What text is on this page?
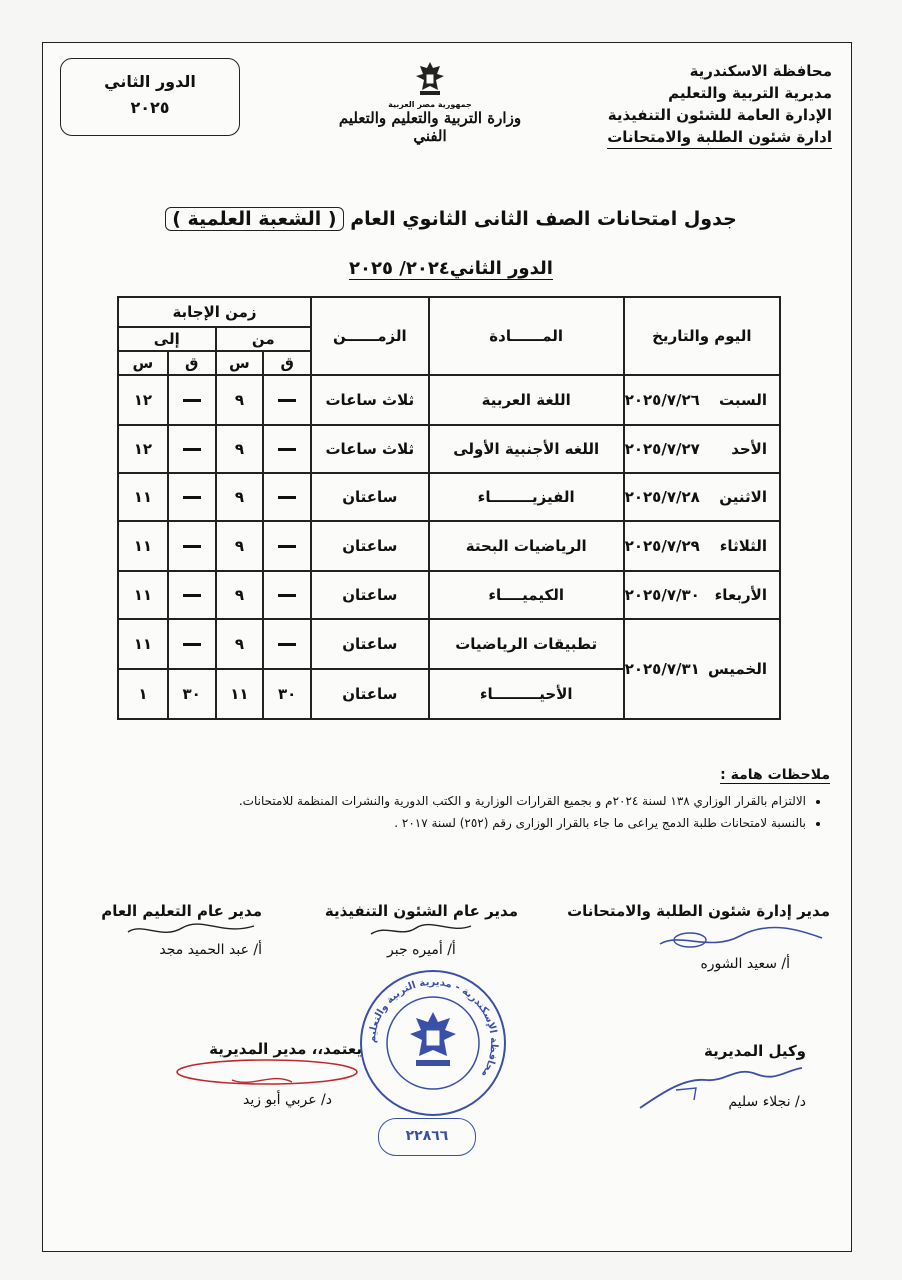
محافظة الاسكندرية
مديرية التربية والتعليم
الإدارة العامة للشئون التنفيذية
ادارة شئون الطلبة والامتحانات
جمهورية مصر العربية
وزارة التربية والتعليم والتعليم الفني
الدور الثاني
٢٠٢٥
جدول امتحانات الصف الثانى الثانوي العام ( الشعبة العلمية )
الدور الثاني٢٠٢٤/ ٢٠٢٥
اليوم والتاريخ	المــــــادة	الزمــــــن	زمن الإجابة			
			من		إلى	
			ق	س	ق	س
السبت ٢٠٢٥/٧/٢٦	اللغة العربية	ثلاث ساعات		٩		١٢
الأحد ٢٠٢٥/٧/٢٧	اللغه الأجنبية الأولى	ثلاث ساعات		٩		١٢
الاثنين ٢٠٢٥/٧/٢٨	الفيزيــــــــاء	ساعتان		٩		١١
الثلاثاء ٢٠٢٥/٧/٢٩	الرياضيات البحتة	ساعتان		٩		١١
الأربعاء ٢٠٢٥/٧/٣٠	الكيميــــاء	ساعتان		٩		١١
الخميس ٢٠٢٥/٧/٣١	تطبيقات الرياضيات	ساعتان		٩		١١
	الأحيـــــــــاء	ساعتان	٣٠	١١	٣٠	١
ملاحظات هامة :
• الالتزام بالقرار الوزاري ١٣٨ لسنة ٢٠٢٤م و بجميع القرارات الوزارية و الكتب الدورية والنشرات المنظمة للامتحانات.
• بالنسبة لامتحانات طلبة الدمج يراعى ما جاء بالقرار الوزارى رقم (٢٥٢) لسنة ٢٠١٧ .
مدير إدارة شئون الطلبة والامتحانات
أ/ سعيد الشوره
مدير عام الشئون التنفيذية
أ/ أميره جبر
مدير عام التعليم العام
أ/ عبد الحميد مجد
وكيل المديرية
د/ نجلاء سليم
يعتمد،، مدير المديرية
د/ عربي أبو زيد
محافظة الإسكندرية - مديرية التربية والتعليم
٢٢٨٦٦
